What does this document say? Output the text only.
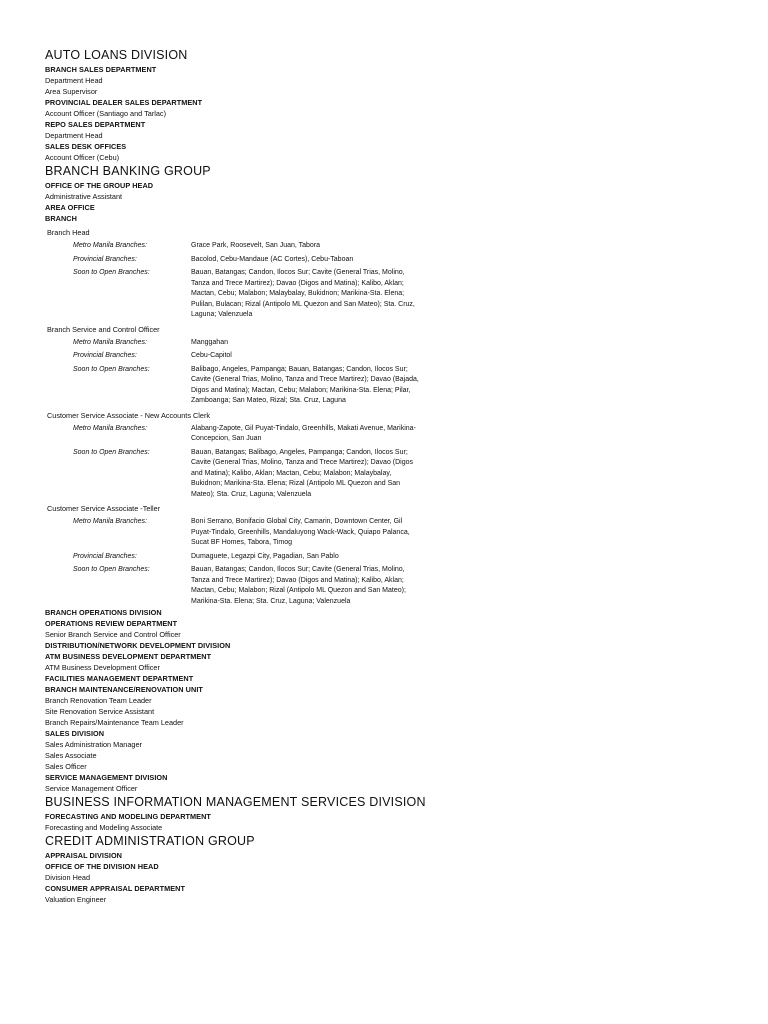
AUTO LOANS DIVISION
BRANCH SALES DEPARTMENT
Department Head
Area Supervisor
PROVINCIAL DEALER SALES DEPARTMENT
Account Officer (Santiago and Tarlac)
REPO SALES DEPARTMENT
Department Head
SALES DESK OFFICES
Account Officer (Cebu)
BRANCH BANKING GROUP
OFFICE OF THE GROUP HEAD
Administrative Assistant
AREA OFFICE
BRANCH
Branch Head
Metro Manila Branches:	Grace Park, Roosevelt, San Juan, Tabora
Provincial Branches:	Bacolod, Cebu-Mandaue (AC Cortes), Cebu-Taboan
Soon to Open Branches:	Bauan, Batangas; Candon, Ilocos Sur; Cavite (General Trias, Molino, Tanza and Trece Martirez); Davao (Digos and Matina); Kalibo, Aklan; Mactan, Cebu; Malabon; Malaybalay, Bukidnon; Marikina-Sta. Elena; Pulilan, Bulacan; Rizal (Antipolo ML Quezon and San Mateo); Sta. Cruz, Laguna; Valenzuela
Branch Service and Control Officer
Metro Manila Branches:	Manggahan
Provincial Branches:	Cebu-Capitol
Soon to Open Branches:	Balibago, Angeles, Pampanga; Bauan, Batangas; Candon, Ilocos Sur; Cavite (General Trias, Molino, Tanza and Trece Martirez); Davao (Bajada, Digos and Matina); Mactan, Cebu; Malabon; Marikina-Sta. Elena; Pilar, Zamboanga; San Mateo, Rizal; Sta. Cruz, Laguna
Customer Service Associate - New Accounts Clerk
Metro Manila Branches:	Alabang-Zapote, Gil Puyat-Tindalo, Greenhills, Makati Avenue, Marikina-Concepcion, San Juan
Soon to Open Branches:	Bauan, Batangas; Balibago, Angeles, Pampanga; Candon, Ilocos Sur; Cavite (General Trias, Molino, Tanza and Trece Martirez); Davao (Digos and Matina); Kalibo, Aklan; Mactan, Cebu; Malabon; Malaybalay, Bukidnon; Marikina-Sta. Elena; Rizal (Antipolo ML Quezon and San Mateo); Sta. Cruz, Laguna; Valenzuela
Customer Service Associate -Teller
Metro Manila Branches:	Boni Serrano, Bonifacio Global City, Camarin, Downtown Center, Gil Puyat-Tindalo, Greenhills, Mandaluyong Wack-Wack, Quiapo Palanca, Sucat BF Homes, Tabora, Timog
Provincial Branches:	Dumaguete, Legazpi City, Pagadian, San Pablo
Soon to Open Branches:	Bauan, Batangas; Candon, Ilocos Sur; Cavite (General Trias, Molino, Tanza and Trece Martirez); Davao (Digos and Matina); Kalibo, Aklan; Mactan, Cebu; Malabon; Rizal (Antipolo ML Quezon and San Mateo); Marikina-Sta. Elena; Sta. Cruz, Laguna; Valenzuela
BRANCH OPERATIONS DIVISION
OPERATIONS REVIEW DEPARTMENT
Senior Branch Service and Control Officer
DISTRIBUTION/NETWORK DEVELOPMENT DIVISION
ATM BUSINESS DEVELOPMENT DEPARTMENT
ATM Business Development Officer
FACILITIES MANAGEMENT DEPARTMENT
BRANCH MAINTENANCE/RENOVATION UNIT
Branch Renovation Team Leader
Site Renovation Service Assistant
Branch Repairs/Maintenance Team Leader
SALES DIVISION
Sales Administration Manager
Sales Associate
Sales Officer
SERVICE MANAGEMENT DIVISION
Service Management Officer
BUSINESS INFORMATION MANAGEMENT SERVICES DIVISION
FORECASTING AND MODELING DEPARTMENT
Forecasting and Modeling Associate
CREDIT ADMINISTRATION GROUP
APPRAISAL DIVISION
OFFICE OF THE DIVISION HEAD
Division Head
CONSUMER APPRAISAL DEPARTMENT
Valuation Engineer
